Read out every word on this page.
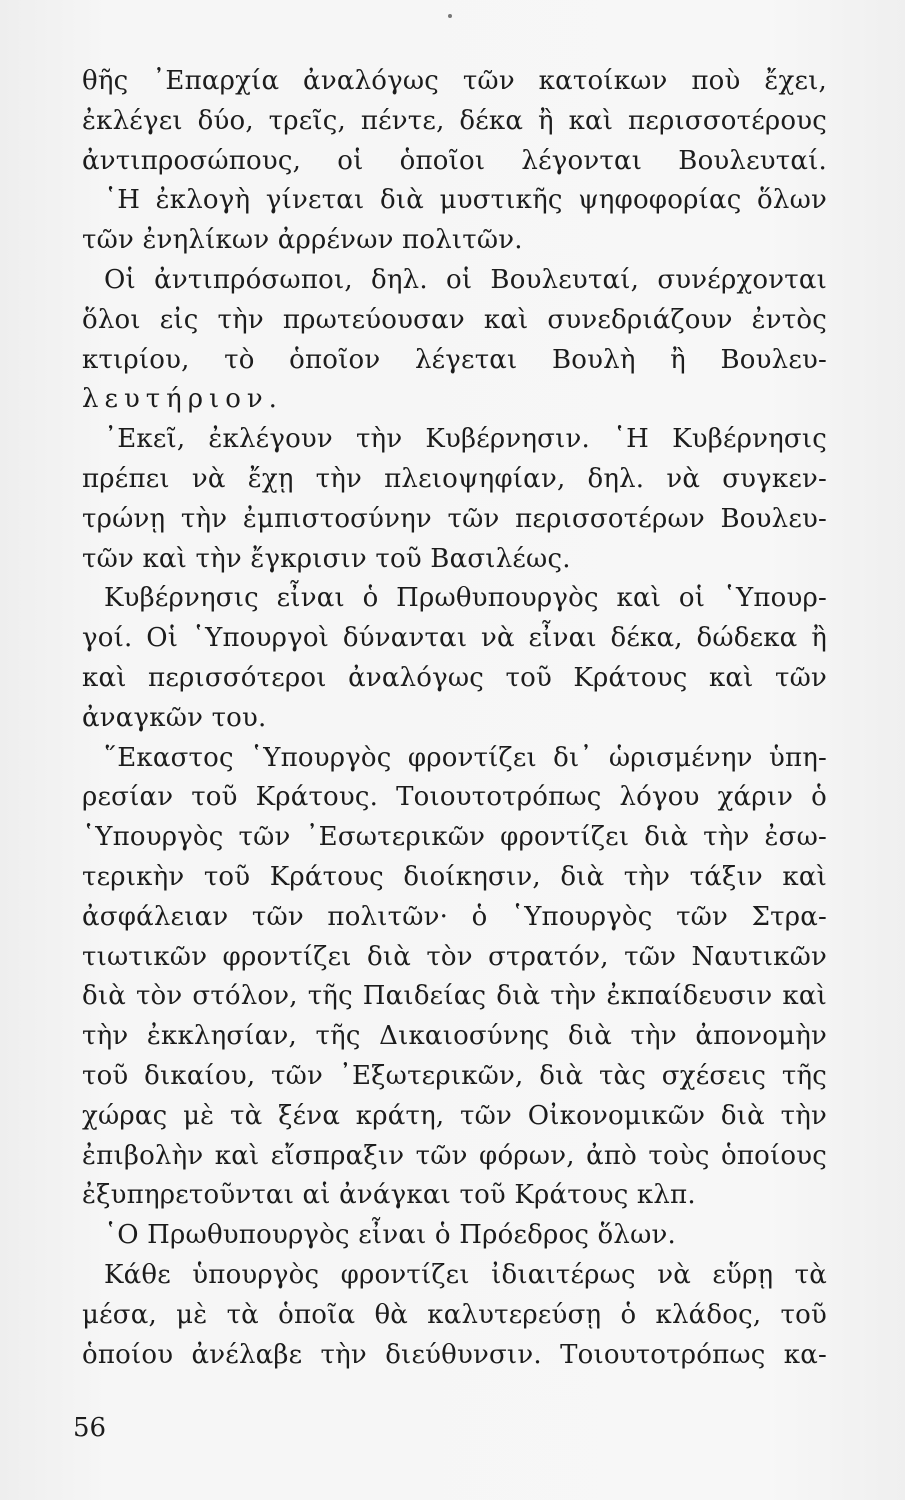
θῆς ᾿Επαρχία ἀναλόγως τῶν κατοίκων ποὺ ἔχει,
ἐκλέγει δύο, τρεῖς, πέντε, δέκα ἢ καὶ περισσοτέρους
ἀντιπροσώπους, οἱ ὁποῖοι λέγονται Βουλευταί.
῾Η ἐκλογὴ γίνεται διὰ μυστικῆς ψηφοφορίας ὅλων
τῶν ἐνηλίκων ἀρρένων πολιτῶν.
Οἱ ἀντιπρόσωποι, δηλ. οἱ Βουλευταί, συνέρχονται
ὅλοι εἰς τὴν πρωτεύουσαν καὶ συνεδριάζουν ἐντὸς
κτιρίου, τὸ ὁποῖον λέγεται Βουλὴ ἢ Βουλευ-
λευτήριον.
᾿Εκεῖ, ἐκλέγουν τὴν Κυβέρνησιν. ῾Η Κυβέρνησις
πρέπει νὰ ἔχῃ τὴν πλειοψηφίαν, δηλ. νὰ συγκεν-
τρώνῃ τὴν ἐμπιστοσύνην τῶν περισσοτέρων Βουλευ-
τῶν καὶ τὴν ἔγκρισιν τοῦ Βασιλέως.
Κυβέρνησις εἶναι ὁ Πρωθυπουργὸς καὶ οἱ ῾Υπουρ-
γοί. Οἱ ῾Υπουργοὶ δύνανται νὰ εἶναι δέκα, δώδεκα ἢ
καὶ περισσότεροι ἀναλόγως τοῦ Κράτους καὶ τῶν
ἀναγκῶν του.
῞Εκαστος ῾Υπουργὸς φροντίζει δι᾿ ὡρισμένην ὑπη-
ρεσίαν τοῦ Κράτους. Τοιουτοτρόπως λόγου χάριν ὁ
῾Υπουργὸς τῶν ᾿Εσωτερικῶν φροντίζει διὰ τὴν ἐσω-
τερικὴν τοῦ Κράτους διοίκησιν, διὰ τὴν τάξιν καὶ
ἀσφάλειαν τῶν πολιτῶν· ὁ ῾Υπουργὸς τῶν Στρα-
τιωτικῶν φροντίζει διὰ τὸν στρατόν, τῶν Ναυτικῶν
διὰ τὸν στόλον, τῆς Παιδείας διὰ τὴν ἐκπαίδευσιν καὶ
τὴν ἐκκλησίαν, τῆς Δικαιοσύνης διὰ τὴν ἀπονομὴν
τοῦ δικαίου, τῶν ᾿Εξωτερικῶν, διὰ τὰς σχέσεις τῆς
χώρας μὲ τὰ ξένα κράτη, τῶν Οἰκονομικῶν διὰ τὴν
ἐπιβολὴν καὶ εἴσπραξιν τῶν φόρων, ἀπὸ τοὺς ὁποίους
ἐξυπηρετοῦνται αἱ ἀνάγκαι τοῦ Κράτους κλπ.
῾Ο Πρωθυπουργὸς εἶναι ὁ Πρόεδρος ὅλων.
Κάθε ὑπουργὸς φροντίζει ἰδιαιτέρως νὰ εὕρῃ τὰ
μέσα, μὲ τὰ ὁποῖα θὰ καλυτερεύσῃ ὁ κλάδος, τοῦ
ὁποίου ἀνέλαβε τὴν διεύθυνσιν. Τοιουτοτρόπως κα-
56
